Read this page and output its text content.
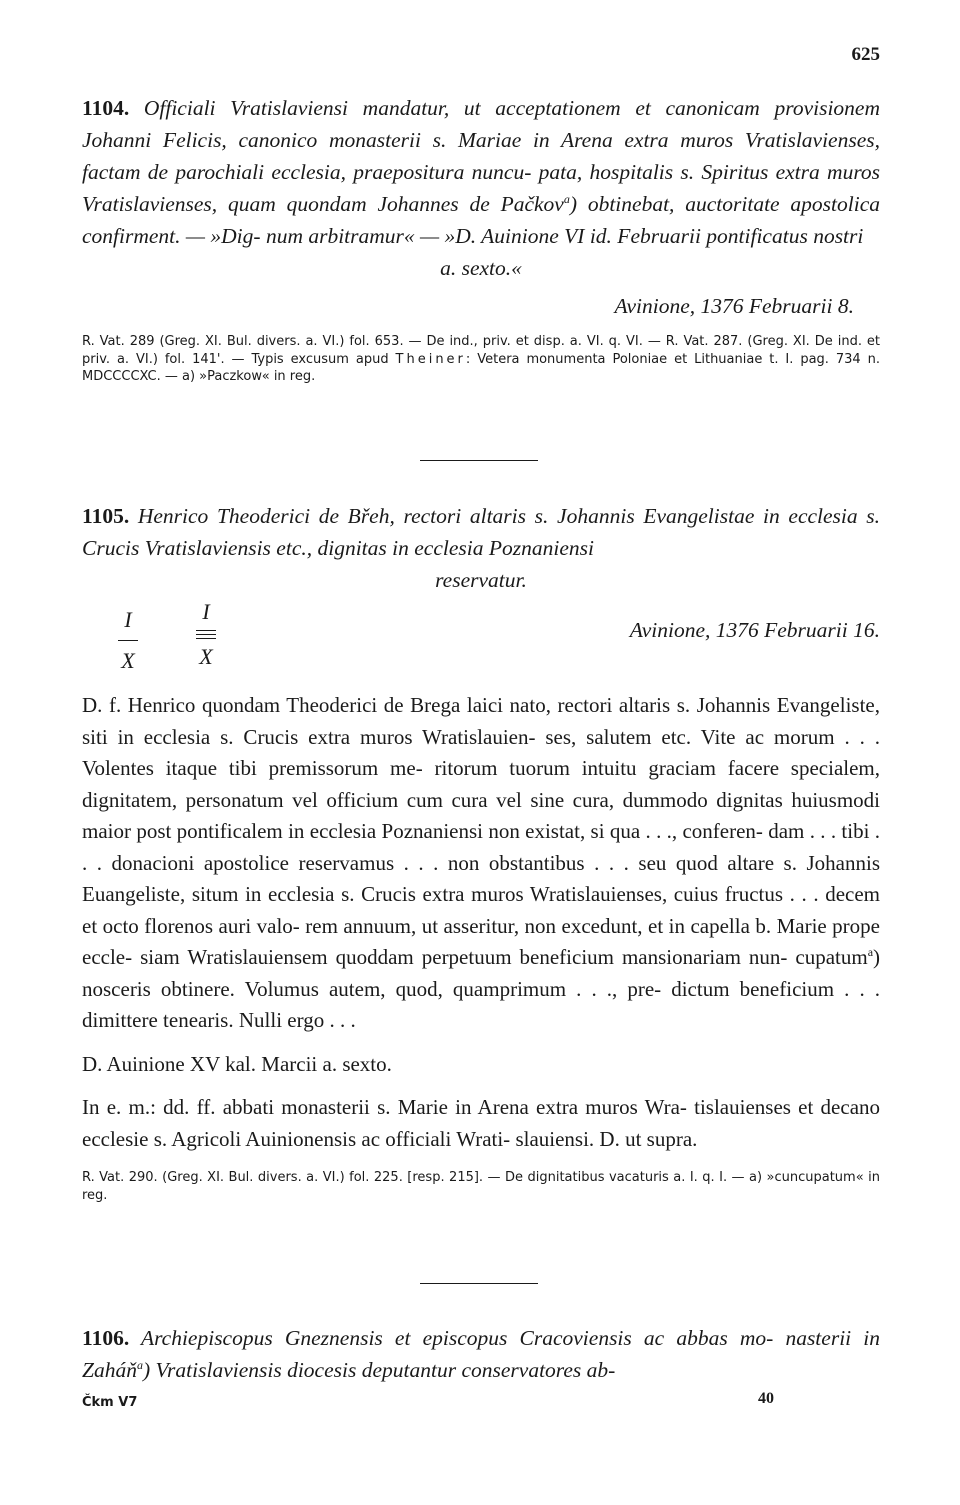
625
1104. Officiali Vratislaviensi mandatur, ut acceptationem et canonicam provisionem Johanni Felicis, canonico monasterii s. Mariae in Arena extra muros Vratislavienses, factam de parochiali ecclesia, praepositura nuncu- pata, hospitalis s. Spiritus extra muros Vratislavienses, quam quondam Johannes de Pačkov$^a$) obtinebat, auctoritate apostolica confirment. — »Dig- num arbitramur« — »D. Auinione VI id. Februarii pontificatus nostri
a. sexto.«
Avinione, 1376 Februarii 8.
R. Vat. 289 (Greg. XI. Bul. divers. a. VI.) fol. 653. — De ind., priv. et disp. a. VI. q. VI. — R. Vat. 287. (Greg. XI. De ind. et priv. a. VI.) fol. 141'. — Typis excusum apud Theiner: Vetera monumenta Poloniae et Lithuaniae t. I. pag. 734 n. MDCCCCXC. — a) »Paczkow« in reg.
1105. Henrico Theoderici de Břeh, rectori altaris s. Johannis Evangelistae in ecclesia s. Crucis Vratislaviensis etc., dignitas in ecclesia Poznaniensi
reservatur.
I
X
I
X
Avinione, 1376 Februarii 16.

D. f. Henrico quondam Theoderici de Brega laici nato, rectori altaris s. Johannis Evangeliste, siti in ecclesia s. Crucis extra muros Wratislauien- ses, salutem etc. Vite ac morum . . . Volentes itaque tibi premissorum me- ritorum tuorum intuitu graciam facere specialem, dignitatem, personatum vel officium cum cura vel sine cura, dummodo dignitas huiusmodi maior post pontificalem in ecclesia Poznaniensi non existat, si qua . . ., conferen- dam . . . tibi . . . donacioni apostolice reservamus . . . non obstantibus . . . seu quod altare s. Johannis Euangeliste, situm in ecclesia s. Crucis extra muros Wratislauienses, cuius fructus . . . decem et octo florenos auri valo- rem annuum, ut asseritur, non excedunt, et in capella b. Marie prope eccle- siam Wratislauiensem quoddam perpetuum beneficium mansionariam nun- cupatum$^a$) nosceris obtinere. Volumus autem, quod, quamprimum . . ., pre- dictum beneficium . . . dimittere tenearis. Nulli ergo . . .

D. Auinione XV kal. Marcii a. sexto.

In e. m.: dd. ff. abbati monasterii s. Marie in Arena extra muros Wra- tislauienses et decano ecclesie s. Agricoli Auinionensis ac officiali Wrati- slauiensi. D. ut supra.

R. Vat. 290. (Greg. XI. Bul. divers. a. VI.) fol. 225. [resp. 215]. — De dignitatibus vacaturis a. I. q. I. — a) »cuncupatum« in reg.
1106. Archiepiscopus Gneznensis et episcopus Cracoviensis ac abbas mo- nasterii in Zaháň$^a$) Vratislaviensis diocesis deputantur conservatores ab-
Čkm V7	40
